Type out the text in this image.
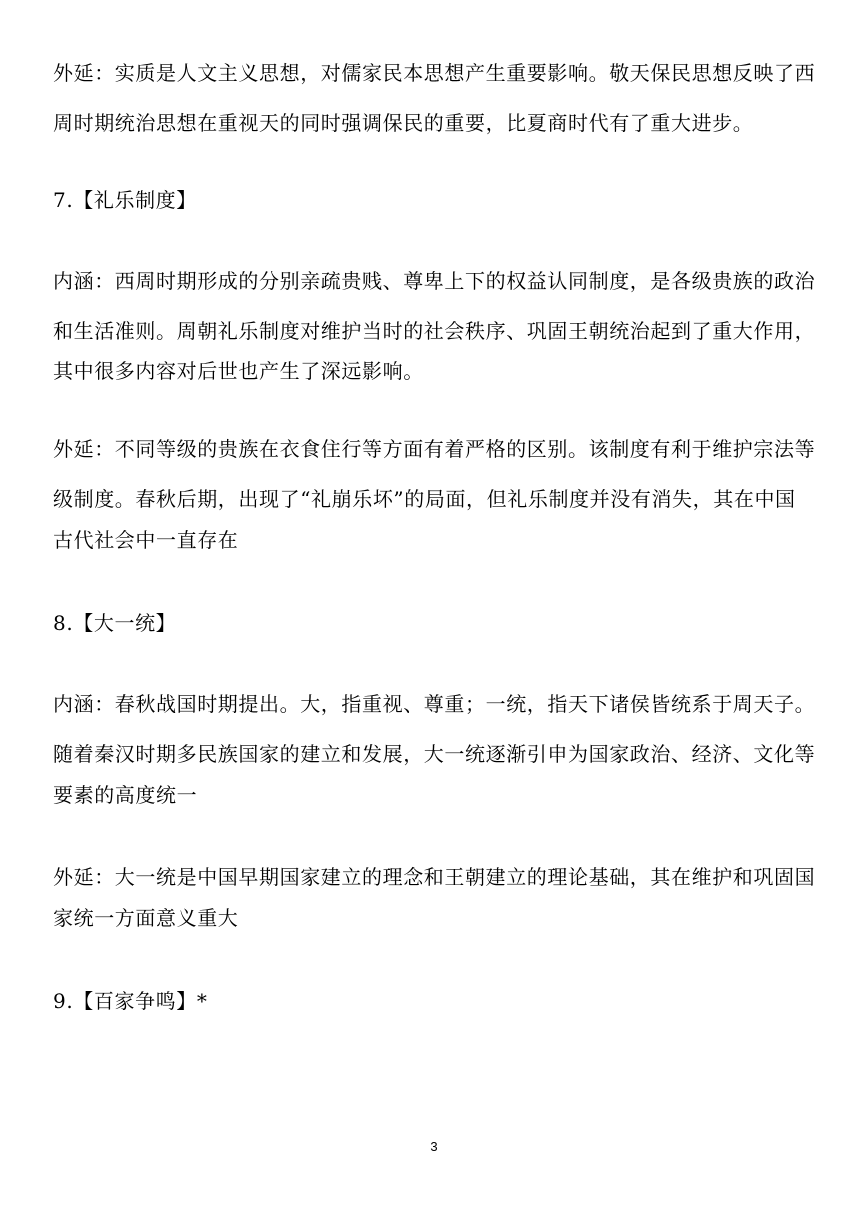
外延：实质是人文主义思想，对儒家民本思想产生重要影响。敬天保民思想反映了西
周时期统治思想在重视天的同时强调保民的重要，比夏商时代有了重大进步。
7.【礼乐制度】
内涵：西周时期形成的分别亲疏贵贱、尊卑上下的权益认同制度，是各级贵族的政治
和生活准则。周朝礼乐制度对维护当时的社会秩序、巩固王朝统治起到了重大作用，
其中很多内容对后世也产生了深远影响。
外延：不同等级的贵族在衣食住行等方面有着严格的区别。该制度有利于维护宗法等
级制度。春秋后期，出现了“礼崩乐坏”的局面，但礼乐制度并没有消失，其在中国
古代社会中一直存在
8.【大一统】
内涵：春秋战国时期提出。大，指重视、尊重；一统，指天下诸侯皆统系于周天子。
随着秦汉时期多民族国家的建立和发展，大一统逐渐引申为国家政治、经济、文化等
要素的高度统一
外延：大一统是中国早期国家建立的理念和王朝建立的理论基础，其在维护和巩固国
家统一方面意义重大
9.【百家争鸣】*
3
